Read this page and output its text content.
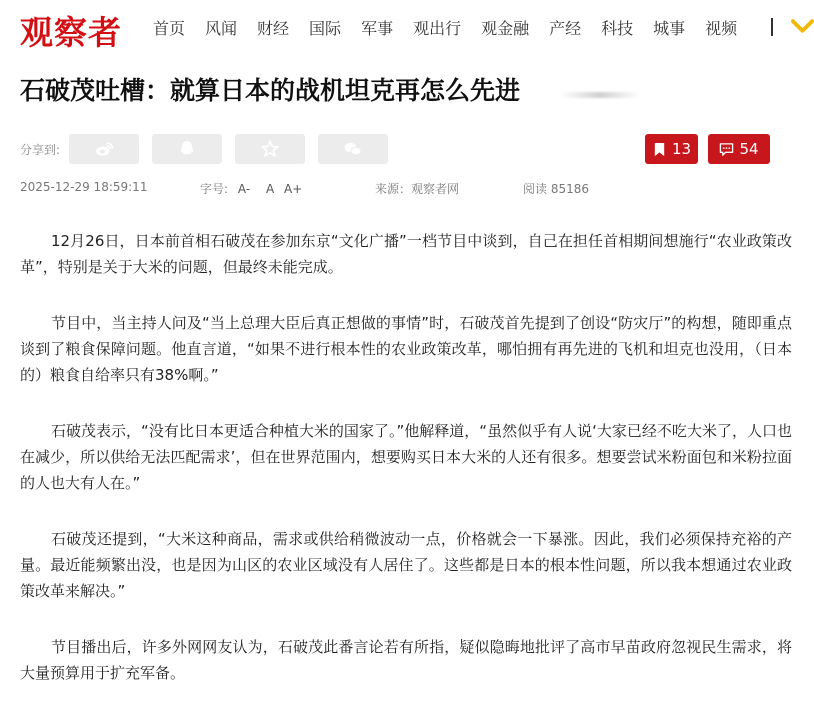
观察者 首页 风闻 财经 国际 军事 观出行 观金融 产经 科技 城事 视频
石破茂吐槽：就算日本的战机坦克再怎么先进
分享到:	13	54
2025-12-29 18:59:11	字号: A- A A+	来源：观察者网	阅读 85186

12月26日，日本前首相石破茂在参加东京“文化广播”一档节目中谈到，自己在担任首相期间想施行“农业政策改革”，特别是关于大米的问题，但最终未能完成。

节目中，当主持人问及“当上总理大臣后真正想做的事情”时，石破茂首先提到了创设“防灾厅”的构想，随即重点谈到了粮食保障问题。他直言道，“如果不进行根本性的农业政策改革，哪怕拥有再先进的飞机和坦克也没用，（日本的）粮食自给率只有38%啊。”

石破茂表示，“没有比日本更适合种植大米的国家了。”他解释道，“虽然似乎有人说‘大家已经不吃大米了，人口也在减少，所以供给无法匹配需求’，但在世界范围内，想要购买日本大米的人还有很多。想要尝试米粉面包和米粉拉面的人也大有人在。”

石破茂还提到，“大米这种商品，需求或供给稍微波动一点，价格就会一下暴涨。因此，我们必须保持充裕的产量。最近能频繁出没，也是因为山区的农业区域没有人居住了。这些都是日本的根本性问题，所以我本想通过农业政策改革来解决。”

节目播出后，许多外网网友认为，石破茂此番言论若有所指，疑似隐晦地批评了高市早苗政府忽视民生需求，将大量预算用于扩充军备。
